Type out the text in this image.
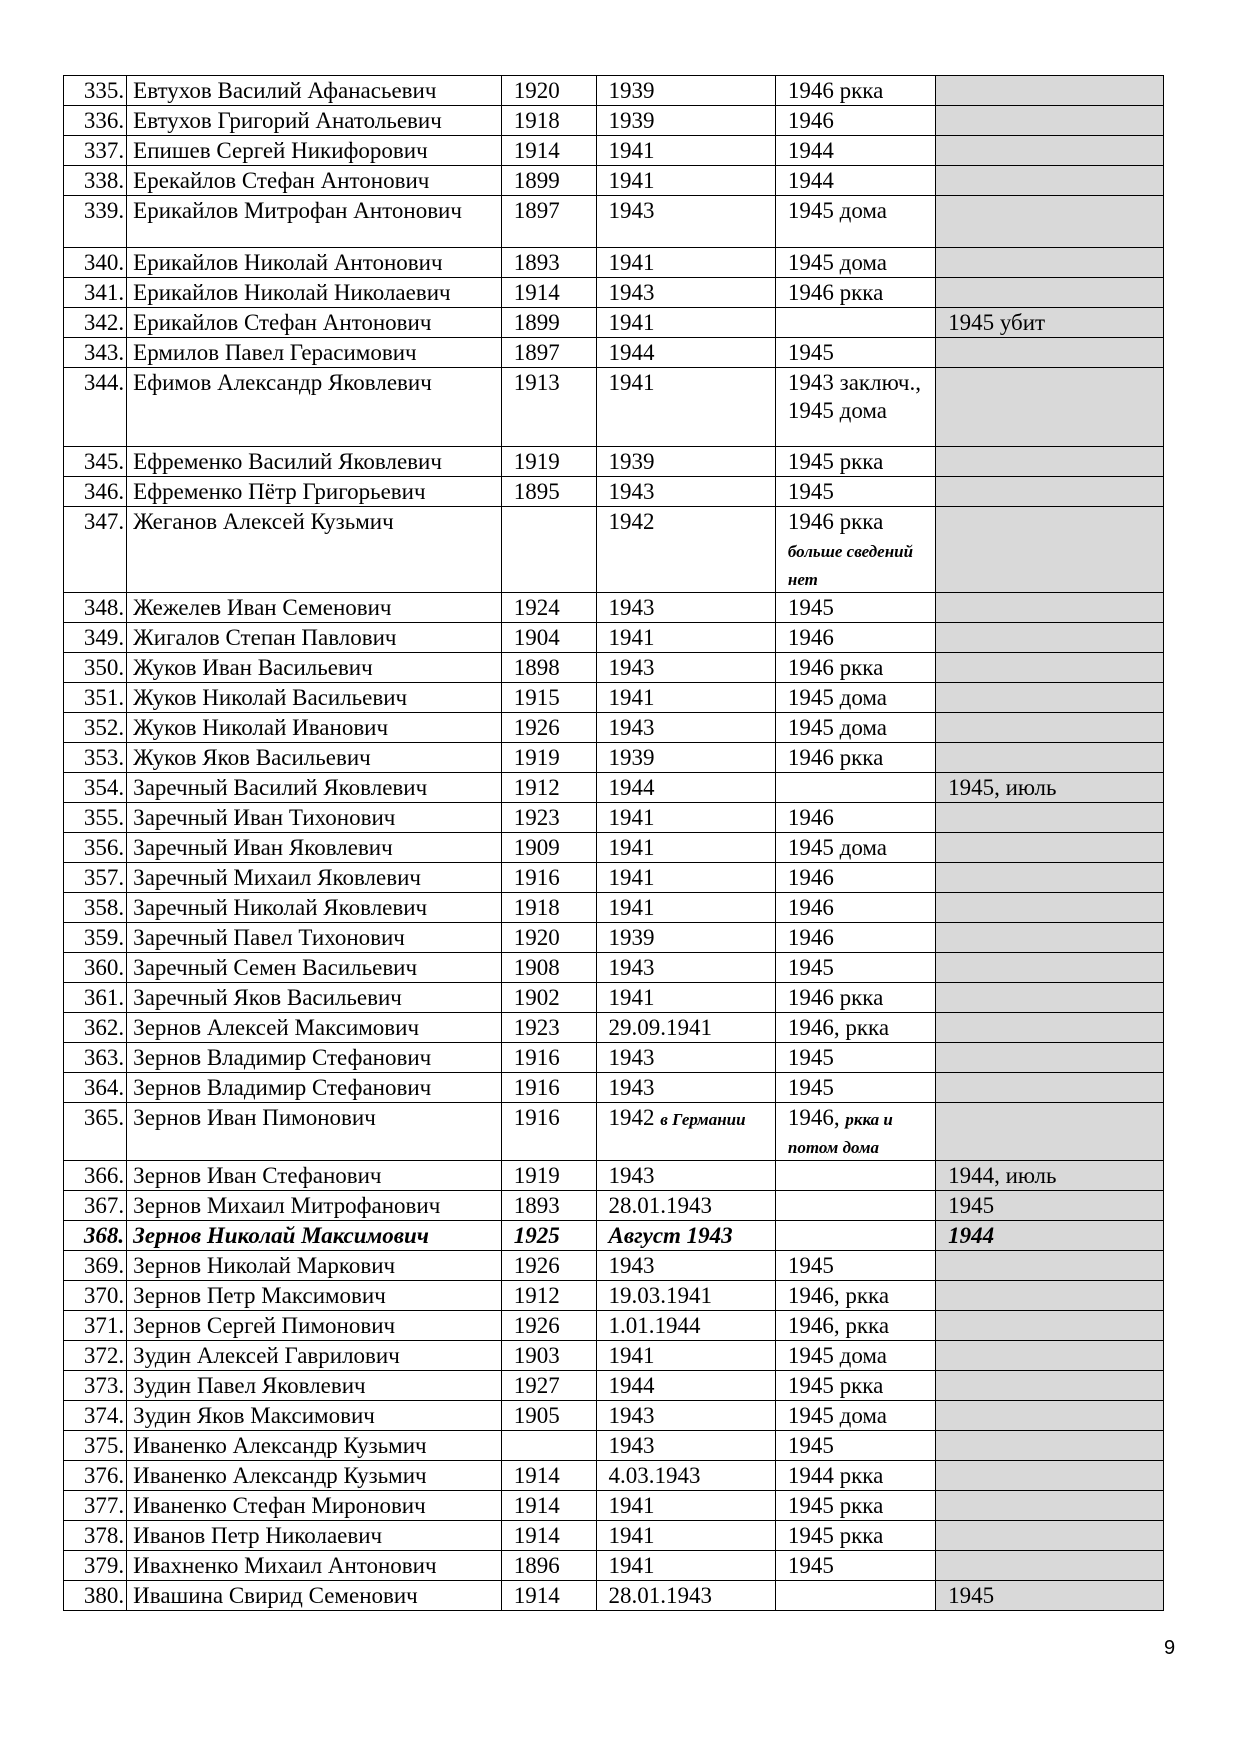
335.	Евтухов Василий Афанасьевич	1920	1939	1946 ркка	
336.	Евтухов Григорий Анатольевич	1918	1939	1946	
337.	Епишев Сергей Никифорович	1914	1941	1944	
338.	Ерекайлов Стефан Антонович	1899	1941	1944	
339.	Ерикайлов Митрофан Антонович	1897	1943	1945 дома	
340.	Ерикайлов Николай Антонович	1893	1941	1945 дома	
341.	Ерикайлов Николай Николаевич	1914	1943	1946 ркка	
342.	Ерикайлов Стефан Антонович	1899	1941		1945 убит
343.	Ермилов Павел Герасимович	1897	1944	1945	
344.	Ефимов Александр Яковлевич	1913	1941	1943 заключ., 1945 дома	
345.	Ефременко Василий Яковлевич	1919	1939	1945 ркка	
346.	Ефременко Пётр Григорьевич	1895	1943	1945	
347.	Жеганов Алексей Кузьмич		1942	1946 ркка больше сведений нет	
348.	Жежелев Иван Семенович	1924	1943	1945	
349.	Жигалов Степан Павлович	1904	1941	1946	
350.	Жуков Иван Васильевич	1898	1943	1946 ркка	
351.	Жуков Николай Васильевич	1915	1941	1945 дома	
352.	Жуков Николай Иванович	1926	1943	1945 дома	
353.	Жуков Яков Васильевич	1919	1939	1946 ркка	
354.	Заречный Василий Яковлевич	1912	1944		1945, июль
355.	Заречный Иван Тихонович	1923	1941	1946	
356.	Заречный Иван Яковлевич	1909	1941	1945 дома	
357.	Заречный Михаил Яковлевич	1916	1941	1946	
358.	Заречный Николай Яковлевич	1918	1941	1946	
359.	Заречный Павел Тихонович	1920	1939	1946	
360.	Заречный Семен Васильевич	1908	1943	1945	
361.	Заречный Яков Васильевич	1902	1941	1946 ркка	
362.	Зернов Алексей Максимович	1923	29.09.1941	1946, ркка	
363.	Зернов Владимир Стефанович	1916	1943	1945	
364.	Зернов Владимир Стефанович	1916	1943	1945	
365.	Зернов Иван Пимонович	1916	1942 в Германии	1946, ркка и потом дома	
366.	Зернов Иван Стефанович	1919	1943		1944, июль
367.	Зернов Михаил Митрофанович	1893	28.01.1943		1945
368.	Зернов Николай Максимович	1925	Август 1943		1944
369.	Зернов Николай Маркович	1926	1943	1945	
370.	Зернов Петр Максимович	1912	19.03.1941	1946, ркка	
371.	Зернов Сергей Пимонович	1926	1.01.1944	1946, ркка	
372.	Зудин Алексей Гаврилович	1903	1941	1945 дома	
373.	Зудин Павел Яковлевич	1927	1944	1945 ркка	
374.	Зудин Яков Максимович	1905	1943	1945 дома	
375.	Иваненко Александр Кузьмич		1943	1945	
376.	Иваненко Александр Кузьмич	1914	4.03.1943	1944 ркка	
377.	Иваненко Стефан Миронович	1914	1941	1945 ркка	
378.	Иванов Петр Николаевич	1914	1941	1945 ркка	
379.	Ивахненко Михаил Антонович	1896	1941	1945	
380.	Ивашина Свирид Семенович	1914	28.01.1943		1945
9
